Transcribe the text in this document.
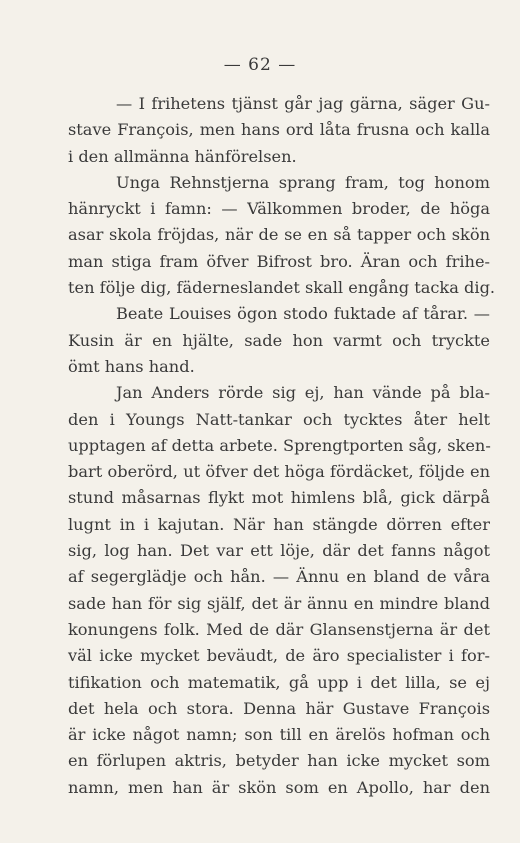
— 62 —
— I frihetens tjänst går jag gärna, säger Gu-
stave François, men hans ord låta frusna och kalla
i den allmänna hänförelsen.
Unga Rehnstjerna sprang fram, tog honom
hänryckt i famn: — Välkommen broder, de höga
asar skola fröjdas, när de se en så tapper och skön
man stiga fram öfver Bifrost bro. Äran och frihe-
ten följe dig, fäderneslandet skall engång tacka dig.
Beate Louises ögon stodo fuktade af tårar. —
Kusin är en hjälte, sade hon varmt och tryckte
ömt hans hand.
Jan Anders rörde sig ej, han vände på bla-
den i Youngs Natt-tankar och tycktes åter helt
upptagen af detta arbete. Sprengtporten såg, sken-
bart oberörd, ut öfver det höga fördäcket, följde en
stund måsarnas flykt mot himlens blå, gick därpå
lugnt in i kajutan. När han stängde dörren efter
sig, log han. Det var ett löje, där det fanns något
af segerglädje och hån. — Ännu en bland de våra
sade han för sig själf, det är ännu en mindre bland
konungens folk. Med de där Glansenstjerna är det
väl icke mycket beväudt, de äro specialister i for-
tifikation och matematik, gå upp i det lilla, se ej
det hela och stora. Denna här Gustave François
är icke något namn; son till en ärelös hofman och
en förlupen aktris, betyder han icke mycket som
namn, men han är skön som en Apollo, har den
